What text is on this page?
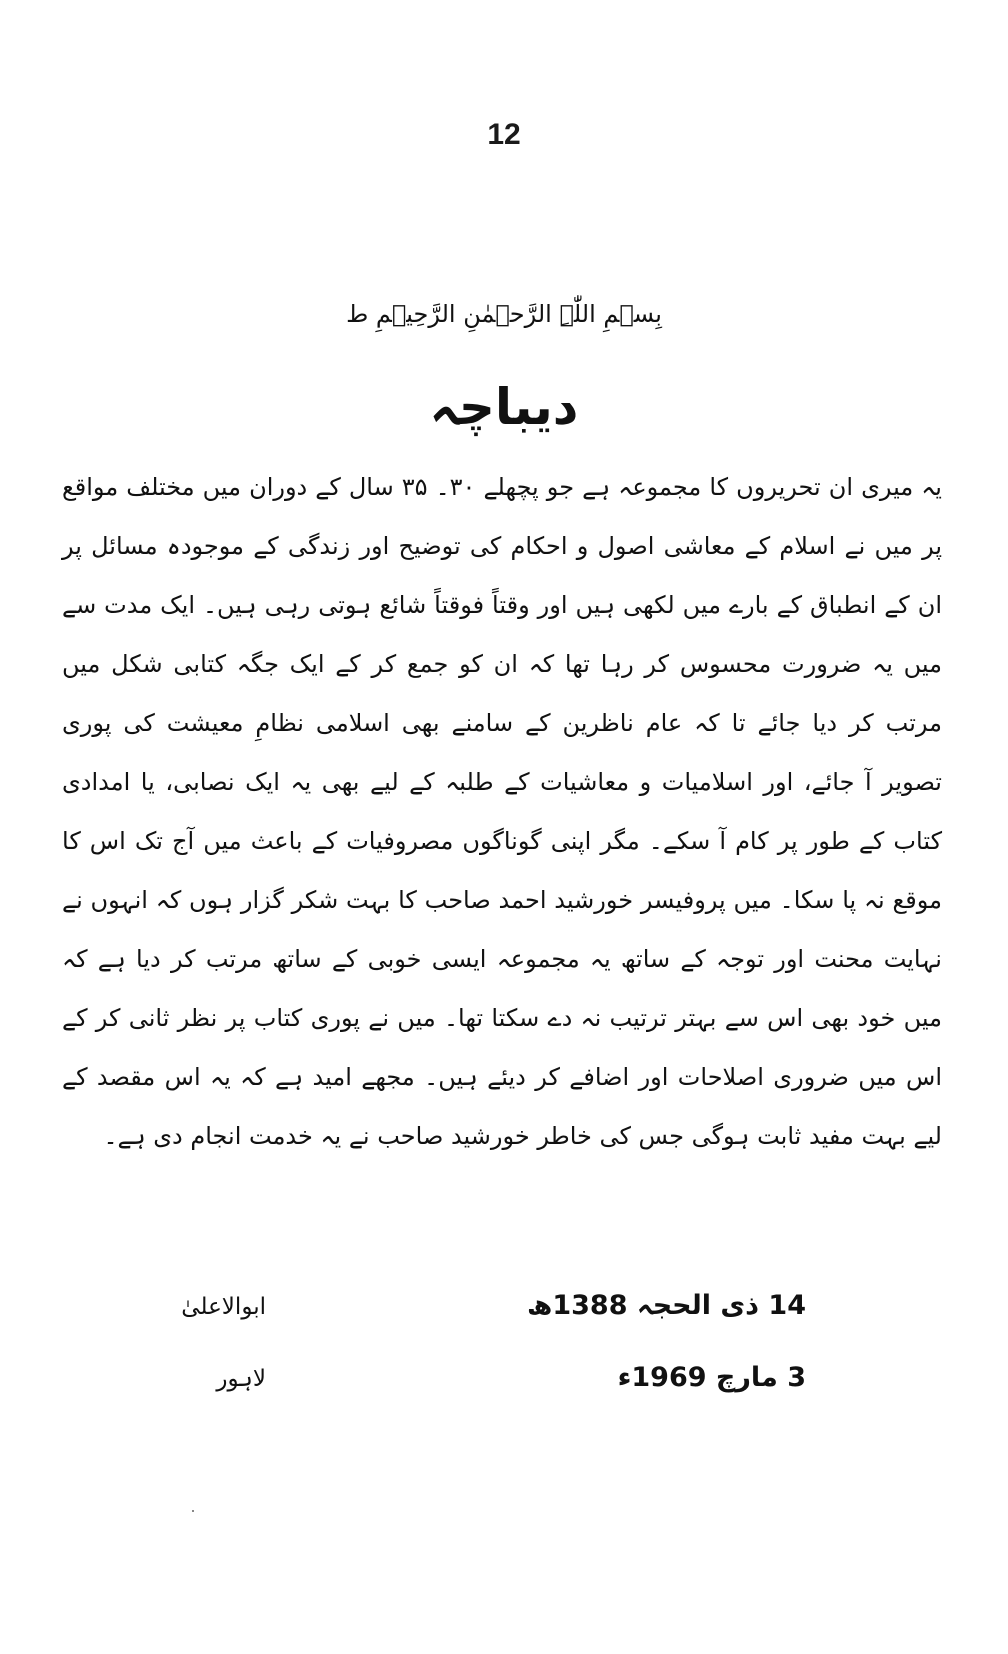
12
بِسۡمِ اللّٰہِ الرَّحۡمٰنِ الرَّحِیۡمِ ط
دیباچہ

یہ میری ان تحریروں کا مجموعہ ہے جو پچھلے ۳۰۔ ۳۵ سال کے دوران میں مختلف مواقع پر میں نے اسلام کے معاشی اصول و احکام کی توضیح اور زندگی کے موجودہ مسائل پر ان کے انطباق کے بارے میں لکھی ہیں اور وقتاً فوقتاً شائع ہوتی رہی ہیں۔ ایک مدت سے میں یہ ضرورت محسوس کر رہا تھا کہ ان کو جمع کر کے ایک جگہ کتابی شکل میں مرتب کر دیا جائے تا کہ عام ناظرین کے سامنے بھی اسلامی نظامِ معیشت کی پوری تصویر آ جائے، اور اسلامیات و معاشیات کے طلبہ کے لیے بھی یہ ایک نصابی، یا امدادی کتاب کے طور پر کام آ سکے۔ مگر اپنی گوناگوں مصروفیات کے باعث میں آج تک اس کا موقع نہ پا سکا۔ میں پروفیسر خورشید احمد صاحب کا بہت شکر گزار ہوں کہ انہوں نے نہایت محنت اور توجہ کے ساتھ یہ مجموعہ ایسی خوبی کے ساتھ مرتب کر دیا ہے کہ میں خود بھی اس سے بہتر ترتیب نہ دے سکتا تھا۔ میں نے پوری کتاب پر نظر ثانی کر کے اس میں ضروری اصلاحات اور اضافے کر دیئے ہیں۔ مجھے امید ہے کہ یہ اس مقصد کے لیے بہت مفید ثابت ہوگی جس کی خاطر خورشید صاحب نے یہ خدمت انجام دی ہے۔

14 ذی الحجہ 1388ھ
3 مارچ 1969ء
ابوالاعلیٰ
لاہور
